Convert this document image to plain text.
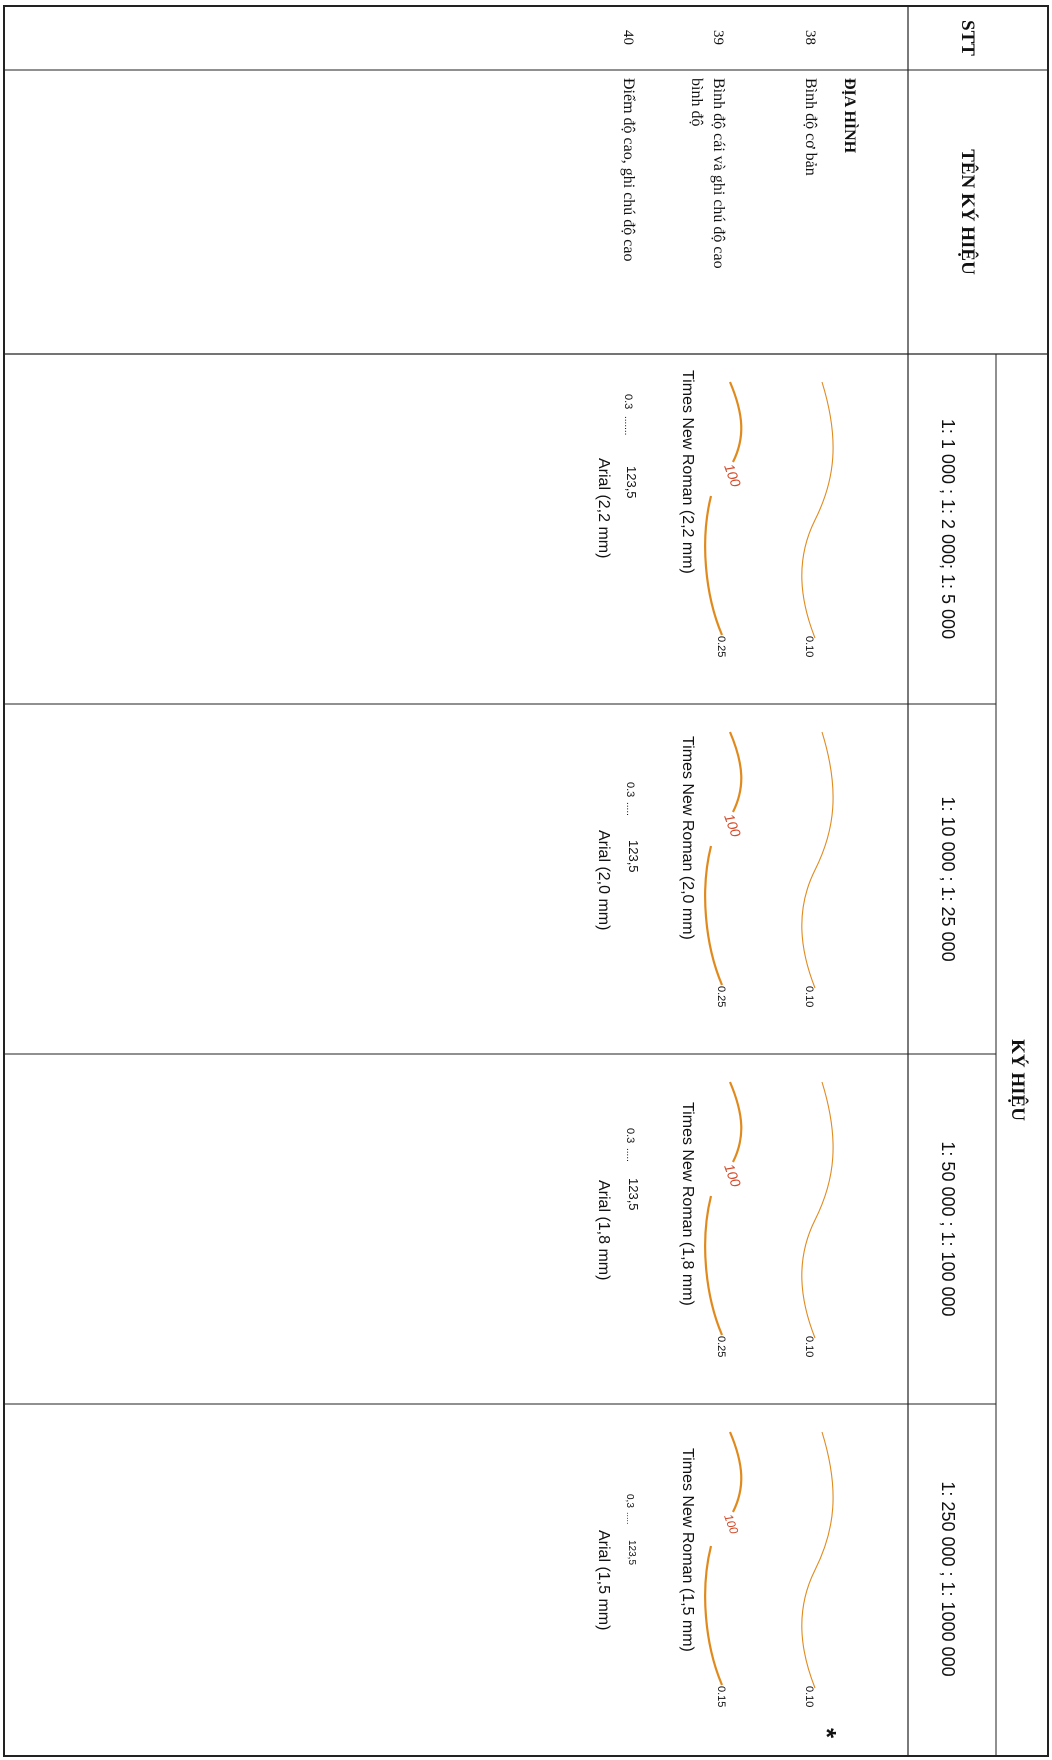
STT
TÊN KÝ HIỆU
KÝ HIỆU
1: 1 000 ; 1: 2 000; 1: 5 000
1: 10 000 ; 1: 25 000
1: 50 000 ; 1: 100 000
1: 250 000 ; 1: 1000 000
ĐỊA HÌNH
38
Bình độ cơ bản
39
Bình độ cái và ghi chú độ cao
bình độ
40
Điểm độ cao, ghi chú độ cao
100
0.10
0.25
Times New Roman (2,2 mm)
0.3
.......
123,5
Arial (2,2 mm)
100
0.10
0.25
Times New Roman (2,0 mm)
0.3
.....
123,5
Arial (2,0 mm)
100
0.10
0.25
Times New Roman (1,8 mm)
0.3
.....
123,5
Arial (1,8 mm)
100
0.10
0.15
Times New Roman (1,5 mm)
0,3
.....
123,5
Arial (1,5 mm)
*
